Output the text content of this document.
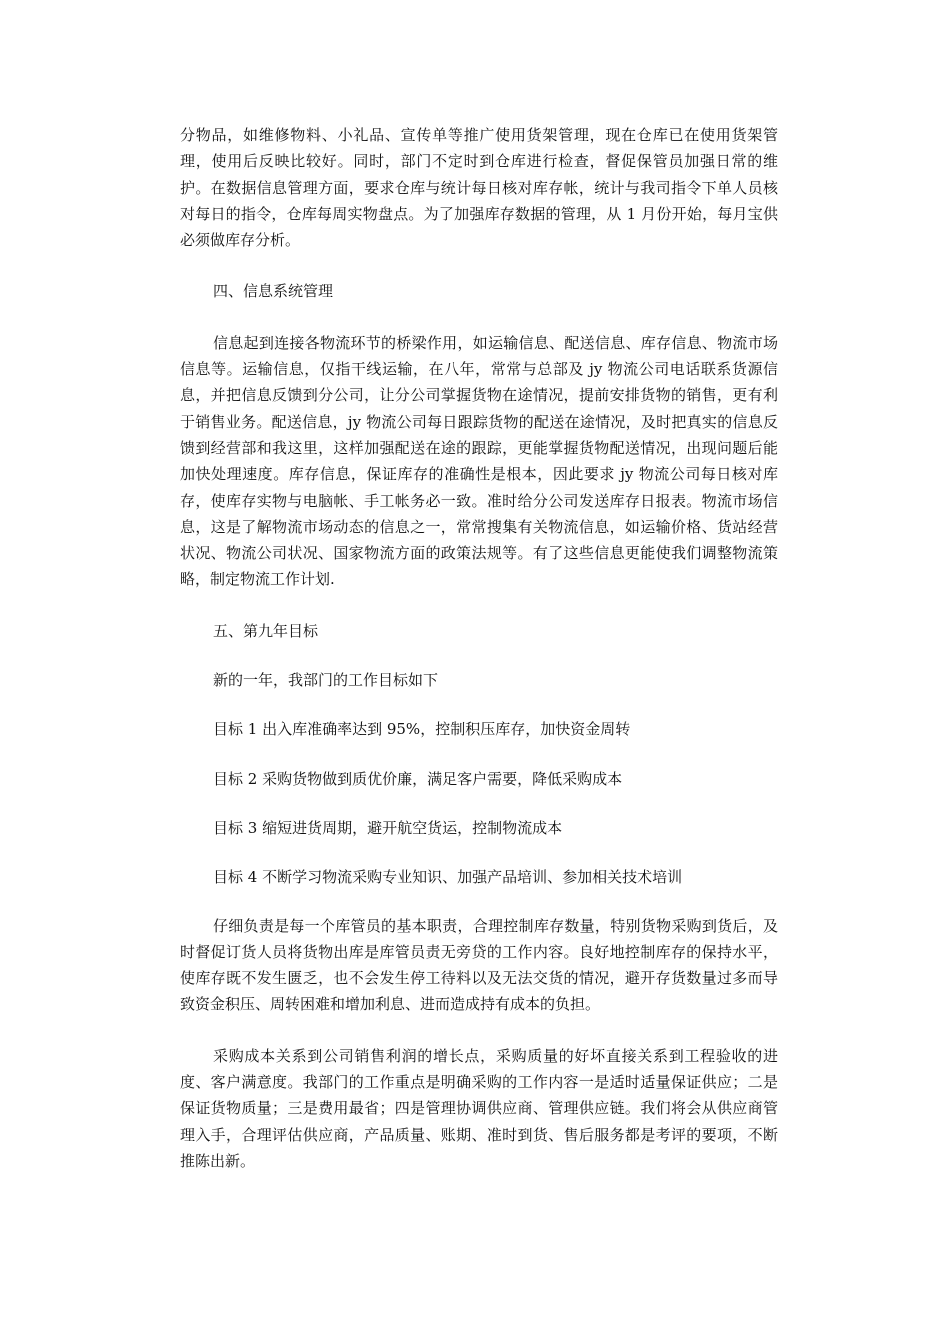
分物品，如维修物料、小礼品、宣传单等推广使用货架管理，现在仓库已在使用货架管理，使用后反映比较好。同时，部门不定时到仓库进行检查，督促保管员加强日常的维护。在数据信息管理方面，要求仓库与统计每日核对库存帐，统计与我司指令下单人员核对每日的指令，仓库每周实物盘点。为了加强库存数据的管理，从 1 月份开始，每月宝供必须做库存分析。

四、信息系统管理

信息起到连接各物流环节的桥梁作用，如运输信息、配送信息、库存信息、物流市场信息等。运输信息，仅指干线运输，在八年，常常与总部及 jy 物流公司电话联系货源信息，并把信息反馈到分公司，让分公司掌握货物在途情况，提前安排货物的销售，更有利于销售业务。配送信息，jy 物流公司每日跟踪货物的配送在途情况，及时把真实的信息反馈到经营部和我这里，这样加强配送在途的跟踪，更能掌握货物配送情况，出现问题后能加快处理速度。库存信息，保证库存的准确性是根本，因此要求 jy 物流公司每日核对库存，使库存实物与电脑帐、手工帐务必一致。准时给分公司发送库存日报表。物流市场信息，这是了解物流市场动态的信息之一，常常搜集有关物流信息，如运输价格、货站经营状况、物流公司状况、国家物流方面的政策法规等。有了这些信息更能使我们调整物流策略，制定物流工作计划.

五、第九年目标

新的一年，我部门的工作目标如下

目标 1 出入库准确率达到 95%，控制积压库存，加快资金周转

目标 2 采购货物做到质优价廉，满足客户需要，降低采购成本

目标 3 缩短进货周期，避开航空货运，控制物流成本

目标 4 不断学习物流采购专业知识、加强产品培训、参加相关技术培训

仔细负责是每一个库管员的基本职责，合理控制库存数量，特别货物采购到货后，及时督促订货人员将货物出库是库管员责无旁贷的工作内容。良好地控制库存的保持水平，使库存既不发生匮乏，也不会发生停工待料以及无法交货的情况，避开存货数量过多而导致资金积压、周转困难和增加利息、进而造成持有成本的负担。

采购成本关系到公司销售利润的增长点，采购质量的好坏直接关系到工程验收的进度、客户满意度。我部门的工作重点是明确采购的工作内容一是适时适量保证供应；二是保证货物质量；三是费用最省；四是管理协调供应商、管理供应链。我们将会从供应商管理入手，合理评估供应商，产品质量、账期、准时到货、售后服务都是考评的要项，不断推陈出新。
